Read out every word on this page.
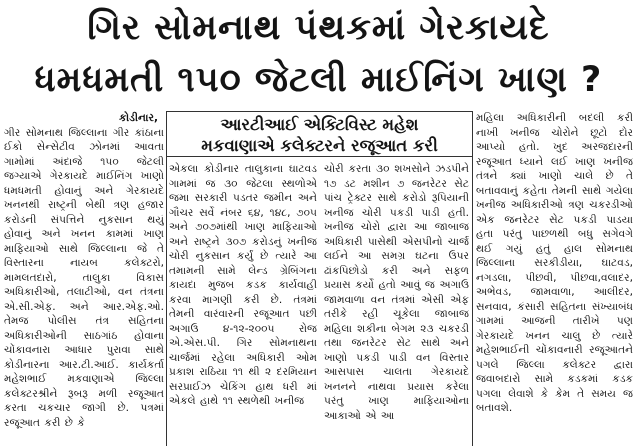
ગિર સોમનાથ પંથકમાં ગેરકાયદે
ધમધમતી ૧૫૦ જેટલી માઈનિંગ ખાણ ?
આરટીઆઈ એક્ટિવિસ્ટ મહેશ
મકવાણાએ કલેક્ટરને રજૂઆત કરી
કોડીનાર,

ગીર સોમનાથ જિલ્લાના ગીર કાંઠાના ઈકો સેન્સેટીવ ઝોનમાં આવતા ગામોમાં અંદાજે ૧૫૦ જેટલી જગ્યાએ ગેરકાયદે માઈનિંગ ખાણો ધમધમતી હોવાનું અને ગેરકાયદે ખનનથી રાષ્ટ્રની બેથી ત્રણ હજાર કરોડની સંપત્તિને નુકસાન થયું હોવાનું અને ખનન કામમાં ખાણ માફિયાઓ સાથે જિલ્લાના જે તે વિસ્તારના નાયબ કલેક્ટરો, મામલતદારો, તાલુકા વિકાસ અધિકારીઓ, તલાટીઓ, વન તંત્રના એ.સી.એફ. અને આર.એફ.ઓ. તેમજ પોલીસ તંત્ર સહિતના અધિકારીઓની સાઠગાંઠ હોવાના ચોંકાવનારા આધાર પુરાવા સાથે કોડીનારના આર.ટી.આઈ. કાર્યકર્તા મહેશભાઈ મકવાણાએ જિલ્લા કલેક્ટરશ્રીને રૂબરૂ મળી રજૂઆત કરતા ચકચાર જાગી છે. પત્રમાં રજૂઆત કરી છે કે

એકલા કોડીનાર તાલુકાના ઘાટવડ ગામમાં જ ૩૦ જેટલા સ્થળોએ જમા સરકારી પડતર જમીન અને ગૌચર સર્વે નંબર ૬૪, ૧૪૮, ૭૦૫ અને ૭૦૭માંથી ખાણ માફિયાઓ અને રાષ્ટ્રને ૩૦૭ કરોડનું ખનીજ ચોરી નુકસાન કર્યું છે ત્યારે આ તમામની સામે લેન્ડ ગ્રેબિંગના કાયદા મુજબ કડક કાર્યવાહી કરવા માગણી કરી છે. તંત્રમાં તેમની વારંવારની રજૂઆત પછી અગાઉ ૪-૧૨-૨૦૦૫ રોજ એ.એસ.પી. ગિર સોમનાથના ચાર્જમાં રહેલા અધિકારી ઓમ પ્રકાશ રાઠિયા ૧૧ થી ૨ દરમિયાન સરપ્રાઈઝ ચેકિંગ હાથ ધરી માં એકલે હાથે ૧૧ સ્થળેથી ખનીજ

ચોરી કરતા ૩૦ શખસોને ઝડપીને ૧૭ ડટ મશીન ૭ જનરેટર સેટ પાંચ ટ્રેક્ટર સાથે કરોડો રૂપિયાની ખનીજ ચોરી પકડી પાડી હતી. ખનીજ ચોરો દ્વારા આ જાબાજ અધિકારી પાસેથી એસપીનો ચાર્જ લઈને આ સમગ્ર ઘટના ઉપર ઢાંકપિછોડો કરી અને સફળ પ્રયાસ કર્યો હતો આવું જ અગાઉ જામવાળા વન તંત્રમાં એસી એફ તરીકે રહી ચૂકેલા જાબાજ મહિલા શકીના બેગમ ૨૩ ચકરડી તથા જનરેટર સેટ સાથે અને ખાણો પકડી પાડી વન વિસ્તાર આસપાસ ચાલતા ગેરકાયદે ખનનને નાથવા પ્રયાસ કરેલા પરંતુ ખાણ માફિયાઓના આકાઓ એ આ

મહિલા અધિકારીની બદલી કરી નાખી ખનીજ ચોરોને છૂટો દોર આપ્યો હતો. ખુદ અરજદારની રજૂઆત ધ્યાને લઈ ખાણ ખનીજ તંત્રને ક્યાં ખાણો ચાલે છે તે બતાવવાનું કહેતા તેમની સાથે ગયેલા ખનીજ અધિકારીઓ ત્રણ ચકરડીઓ એક જનરેટર સેટ પકડી પાડયા હતા પરંતુ પાછળથી બધુ સગેવગે થઈ ગયું હતું હાલ સોમનાથ જિલ્લાના સરકીડીયા, ઘાટવડ, નગડલા, પીછવી, પીછવા,વલાદર, અભેવડ, જામવાળા, આલીદર, સનવાવ, કંસારી સહિતના સંખ્યાબંધ ગામમાં આજની તારીખે પણ ગેરકાયદે ખનન ચાલુ છે ત્યારે મહેશભાઈની ચોંકાવનારી રજૂઆતને પગલે જિલ્લા કલેક્ટર દ્વારા જવાબદારો સામે કડકમાં કડક પગલા લેવાશે કે કેમ તે સમય જ બતાવશે.
